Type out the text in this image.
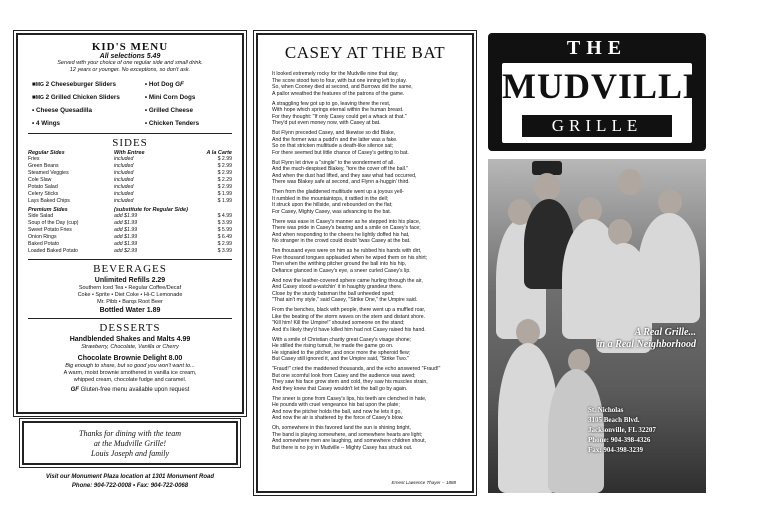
KID'S MENU
All selections 5.49
Served with your choice of one regular side and small drink.
12 years or younger. No exceptions, so don't ask.
■MG 2 Cheeseburger Sliders	• Hot Dog GF
■MG 2 Grilled Chicken Sliders	• Mini Corn Dogs
• Cheese Quesadilla	• Grilled Cheese
• 4 Wings	• Chicken Tenders
SIDES
Regular Sides	With Entree	A la Carte
Fries	included	$ 2.99
Green Beans	included	$ 2.99
Steamed Veggies	included	$ 2.99
Cole Slaw	included	$ 2.29
Potato Salad	included	$ 2.99
Celery Sticks	included	$ 1.99
Lays Baked Chips	included	$ 1.99
Premium Sides	(substitute for Regular Side)
Side Salad	add $1.99	$ 4.99
Soup of the Day (cup)	add $1.99	$ 3.99
Sweet Potato Fries	add $1.99	$ 5.99
Onion Rings	add $1.99	$ 6.49
Baked Potato	add $1.99	$ 2.99
Loaded Baked Potato	add $2.99	$ 3.99
BEVERAGES
Unlimited Refills 2.29
Southern Iced Tea • Regular Coffee/Decaf
Coke • Sprite • Diet Coke • Hi-C Lemonade
Mr. Pibb • Barqs Root Beer
Bottled Water 1.89
DESSERTS
Handblended Shakes and Malts 4.99
Strawberry, Chocolate, Vanilla or Cherry
Chocolate Brownie Delight 8.00
Big enough to share, but so good you won't want to...
A warm, moist brownie smothered in vanilla ice cream,
whipped cream, chocolate fudge and caramel.
GF Gluten-free menu available upon request
Thanks for dining with the team
at the Mudville Grille!
Louis Joseph and family
Visit our Monument Plaza location at 1301 Monument Road
Phone: 904-722-0008 • Fax: 904-722-0068
CASEY AT THE BAT
It looked extremely rocky for the Mudville nine that day;
The score stood two to four, with but one inning left to play.
So, when Cooney died at second, and Burrows did the same,
A pallor wreathed the features of the patrons of the game.
A straggling few got up to go, leaving there the rest,
With hope which springs eternal within the human breast.
For they thought: "If only Casey could get a whack at that."
They'd put even money now, with Casey at bat.
But Flynn preceded Casey, and likewise so did Blake,
And the former was a pudd'n and the latter was a fake.
So on that stricken multitude a death-like silence sat;
For there seemed but little chance of Casey's getting to bat.
But Flynn let drive a "single" to the wonderment of all.
And the much-despised Blakey, "tore the cover off the ball."
And when the dust had lifted, and they saw what had occurred,
There was Blakey safe at second, and Flynn a-huggin' third.
Then from the gladdened multitude went up a joyous yell-
It rumbled in the mountaintops, it rattled in the dell;
It struck upon the hillside, and rebounded on the flat;
For Casey, Mighty Casey, was advancing to the bat.
There was ease in Casey's manner as he stepped into his place,
There was pride in Casey's bearing and a smile on Casey's face;
And when responding to the cheers he lightly doffed his hat,
No stranger in the crowd could doubt 'twas Casey at the bat.
Ten thousand eyes were on him as he rubbed his hands with dirt,
Five thousand tongues applauded when he wiped them on his shirt;
Then when the writhing pitcher ground the ball into his hip,
Defiance glanced in Casey's eye, a sneer curled Casey's lip.
And now the leather-covered sphere came hurling through the air,
And Casey stood a-watchin' it in haughty grandeur there.
Close by the sturdy batsman the ball unheeded sped;
"That ain't my style," said Casey, "Strike One," the Umpire said.
From the benches, black with people, there went up a muffled roar,
Like the beating of the storm waves on the stern and distant shore.
"Kill him! Kill the Umpire!" shouted someone on the stand;
And it's likely they'd have killed him had not Casey raised his hand.
With a smile of Christian charity great Casey's visage shone;
He stilled the rising tumult, he made the game go on.
He signaled to the pitcher, and once more the spheroid flew;
But Casey still ignored it, and the Umpire said, "Strike Two."
"Fraud!" cried the maddened thousands, and the echo answered "Fraud!"
But one scornful look from Casey and the audience was awed;
They saw his face grow stern and cold, they saw his muscles strain,
And they knew that Casey wouldn't let the ball go by again.
The sneer is gone from Casey's lips, his teeth are clenched in hate,
He pounds with cruel vengeance his bat upon the plate;
And now the pitcher holds the ball, and now he lets it go,
And now the air is shattered by the force of Casey's blow.
Oh, somewhere in this favored land the sun is shining bright,
The band is playing somewhere, and somewhere hearts are light;
And somewhere men are laughing, and somewhere children shout,
But there is no joy in Mudville -- Mighty Casey has struck out.
Ernest Lawrence Thayer -- 1888
THE
MUDVILLE
GRILLE
A Real Grille...
in a Real Neighborhood
St. Nicholas
3105 Beach Blvd.
Jacksonville, FL 32207
Phone: 904-398-4326
Fax: 904-398-3239
